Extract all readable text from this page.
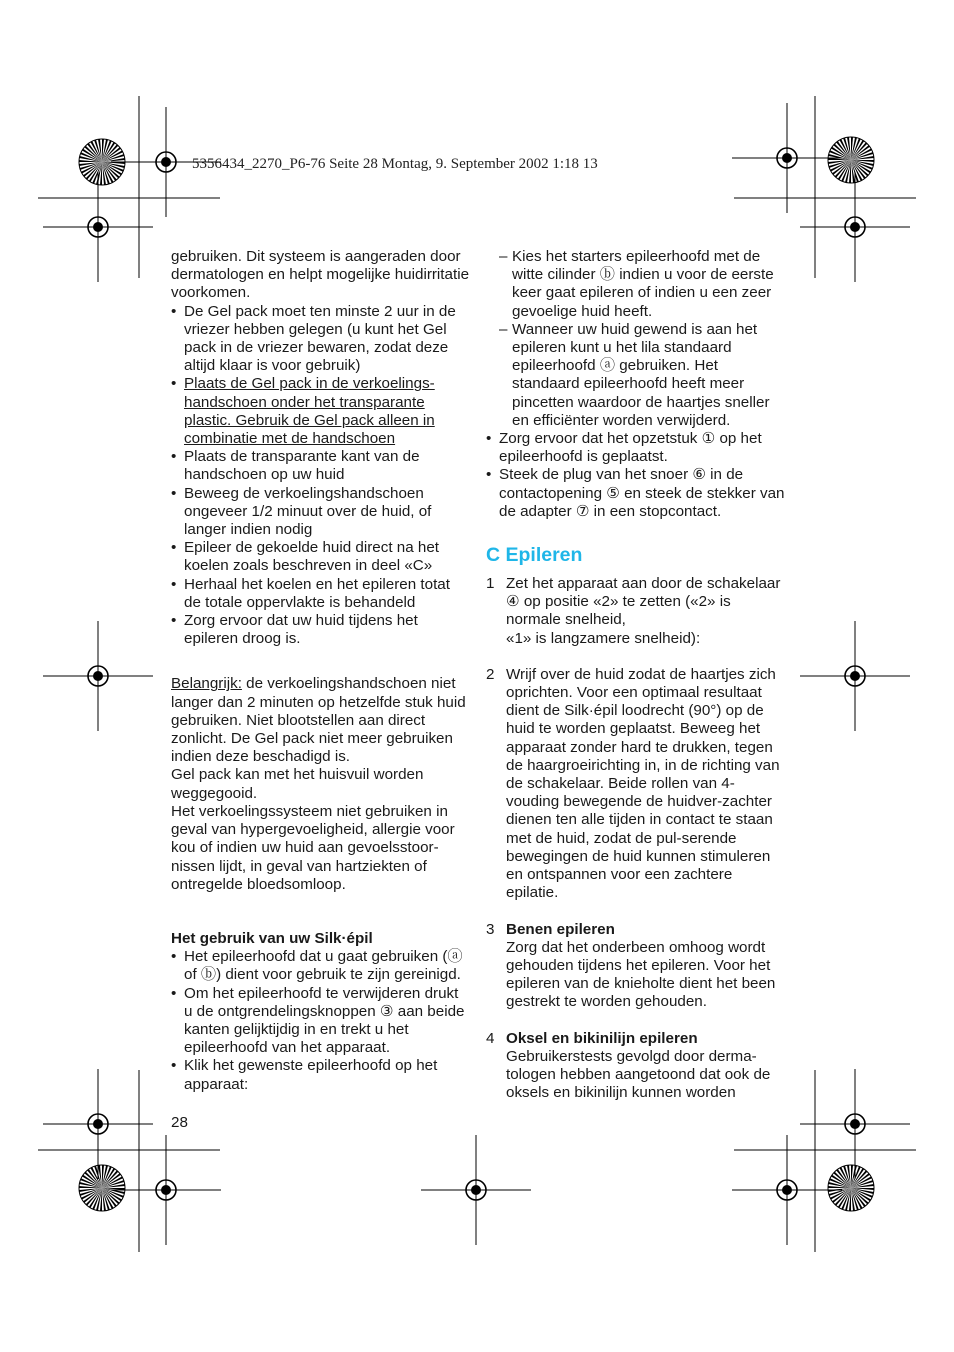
5356434_2270_P6-76 Seite 28 Montag, 9. September 2002 1:18 13

gebruiken. Dit systeem is aangeraden door dermatologen en helpt mogelijke huidirritatie voorkomen.

• De Gel pack moet ten minste 2 uur in de vriezer hebben gelegen (u kunt het Gel pack in de vriezer bewaren, zodat deze altijd klaar is voor gebruik)
• Plaats de Gel pack in de verkoelings-handschoen onder het transparante plastic. Gebruik de Gel pack alleen in combinatie met de handschoen
• Plaats de transparante kant van de handschoen op uw huid
• Beweeg de verkoelingshandschoen ongeveer 1/2 minuut over de huid, of langer indien nodig
• Epileer de gekoelde huid direct na het koelen zoals beschreven in deel «C»
• Herhaal het koelen en het epileren totat de totale oppervlakte is behandeld
• Zorg ervoor dat uw huid tijdens het epileren droog is.

Belangrijk: de verkoelingshandschoen niet langer dan 2 minuten op hetzelfde stuk huid gebruiken. Niet blootstellen aan direct zonlicht. De Gel pack niet meer gebruiken indien deze beschadigd is.

Gel pack kan met het huisvuil worden weggegooid.

Het verkoelingssysteem niet gebruiken in geval van hypergevoeligheid, allergie voor kou of indien uw huid aan gevoelsstoor-nissen lijdt, in geval van hartziekten of ontregelde bloedsomloop.

Het gebruik van uw Silk·épil

• Het epileerhoofd dat u gaat gebruiken (ⓐ of ⓑ) dient voor gebruik te zijn gereinigd.
• Om het epileerhoofd te verwijderen drukt u de ontgrendelingsknoppen ③ aan beide kanten gelijktijdig in en trekt u het epileerhoofd van het apparaat.
• Klik het gewenste epileerhoofd op het apparaat:
– Kies het starters epileerhoofd met de witte cilinder ⓑ indien u voor de eerste keer gaat epileren of indien u een zeer gevoelige huid heeft.
– Wanneer uw huid gewend is aan het epileren kunt u het lila standaard epileerhoofd ⓐ gebruiken. Het standaard epileerhoofd heeft meer pincetten waardoor de haartjes sneller en efficiënter worden verwijderd.
• Zorg ervoor dat het opzetstuk ① op het epileerhoofd is geplaatst.
• Steek de plug van het snoer ⑥ in de contactopening ⑤ en steek de stekker van de adapter ⑦ in een stopcontact.
C Epileren
1 Zet het apparaat aan door de schakelaar ④ op positie «2» te zetten («2» is normale snelheid,
«1» is langzamere snelheid):
2 Wrijf over de huid zodat de haartjes zich oprichten. Voor een optimaal resultaat dient de Silk·épil loodrecht (90°) op de huid te worden geplaatst. Beweeg het apparaat zonder hard te drukken, tegen de haargroeirichting in, in de richting van de schakelaar. Beide rollen van 4-vouding bewegende de huidver-zachter dienen ten alle tijden in contact te staan met de huid, zodat de pul-serende bewegingen de huid kunnen stimuleren en ontspannen voor een zachtere epilatie.
3 Benen epileren
Zorg dat het onderbeen omhoog wordt gehouden tijdens het epileren. Voor het epileren van de knieholte dient het been gestrekt te worden gehouden.
4 Oksel en bikinilijn epileren
Gebruikerstests gevolgd door derma-tologen hebben aangetoond dat ook de oksels en bikinilijn kunnen worden
28
